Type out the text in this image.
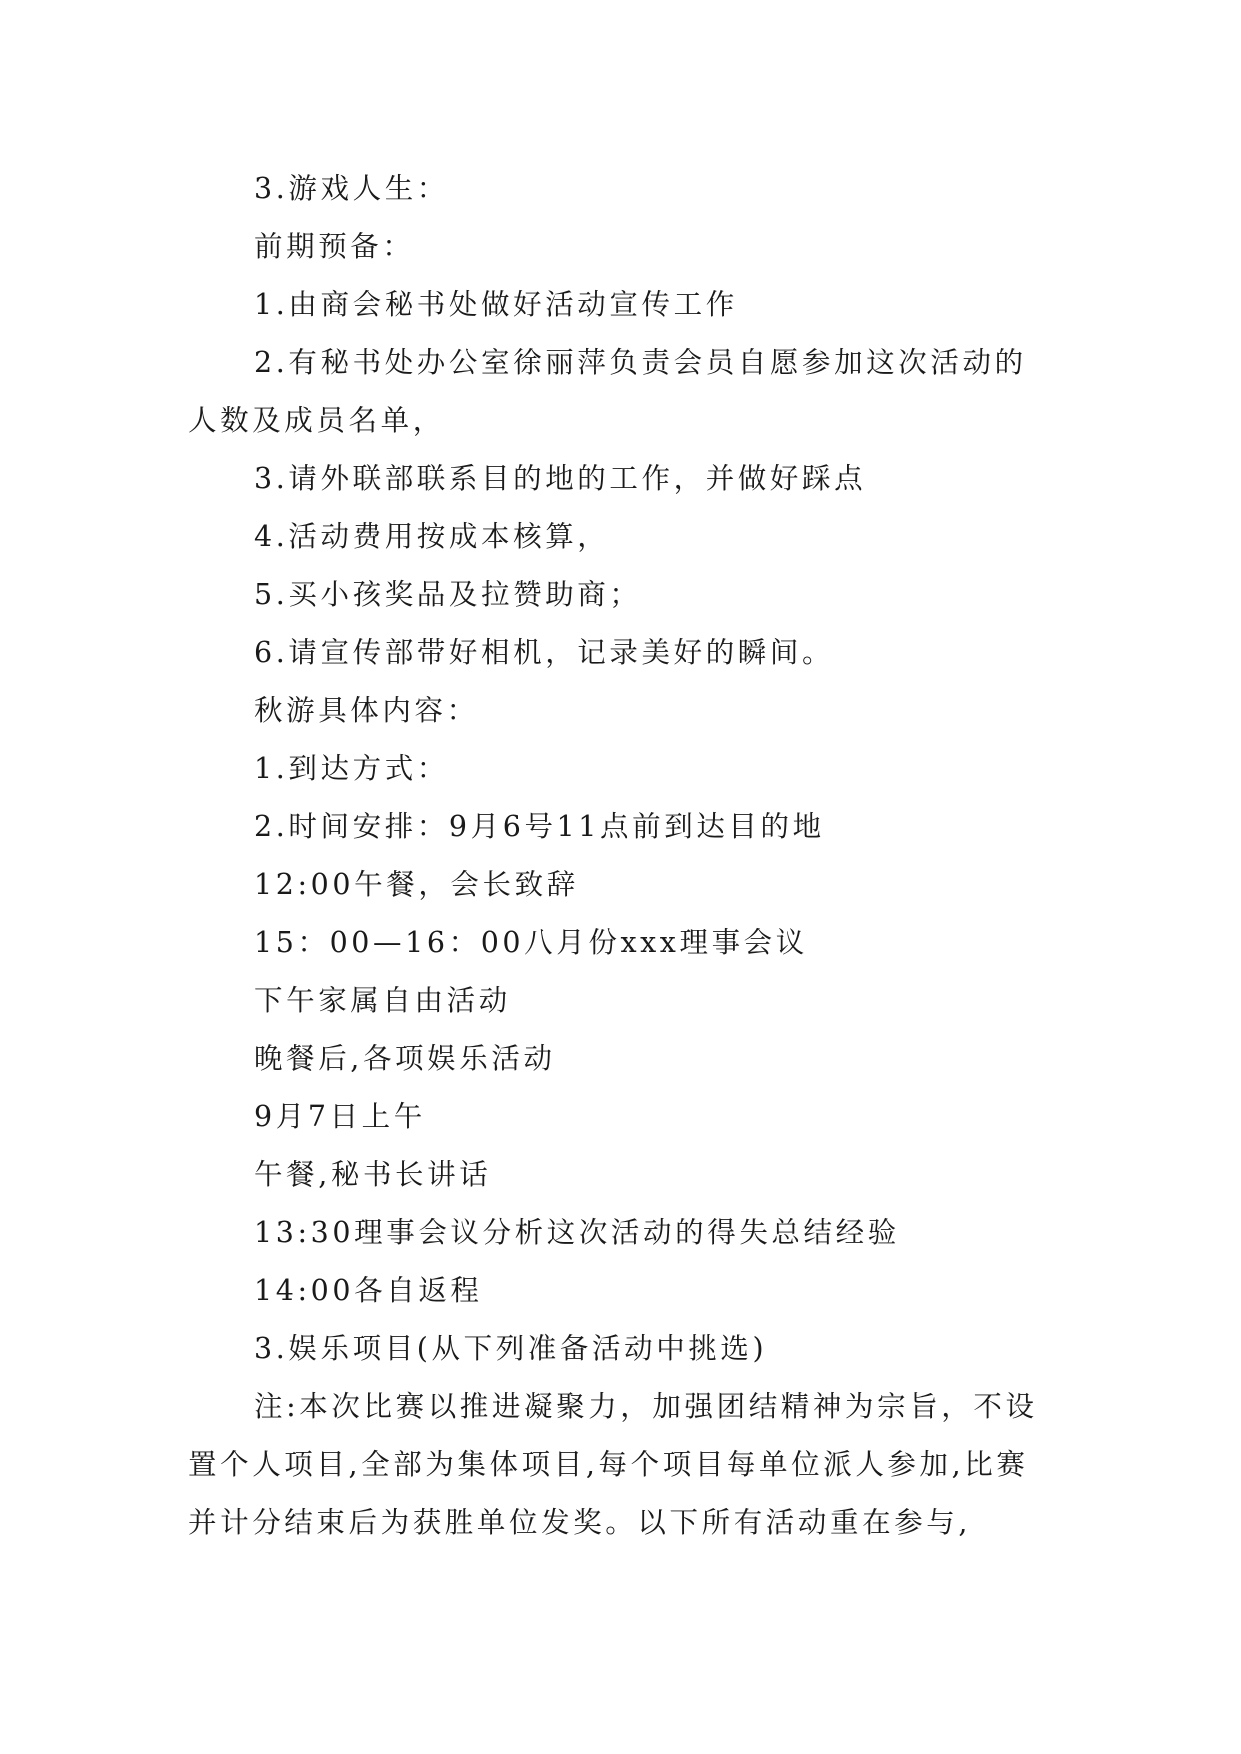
3.游戏人生：
前期预备：
1.由商会秘书处做好活动宣传工作
2.有秘书处办公室徐丽萍负责会员自愿参加这次活动的人数及成员名单，
3.请外联部联系目的地的工作，并做好踩点
4.活动费用按成本核算，
5.买小孩奖品及拉赞助商；
6.请宣传部带好相机，记录美好的瞬间。
秋游具体内容：
1.到达方式：
2.时间安排：9月6号11点前到达目的地
12:00午餐，会长致辞
15：00—16：00八月份xxx理事会议
下午家属自由活动
晚餐后,各项娱乐活动
9月7日上午
午餐,秘书长讲话
13:30理事会议分析这次活动的得失总结经验
14:00各自返程
3.娱乐项目(从下列准备活动中挑选)
注:本次比赛以推进凝聚力，加强团结精神为宗旨，不设置个人项目,全部为集体项目,每个项目每单位派人参加,比赛并计分结束后为获胜单位发奖。以下所有活动重在参与,
